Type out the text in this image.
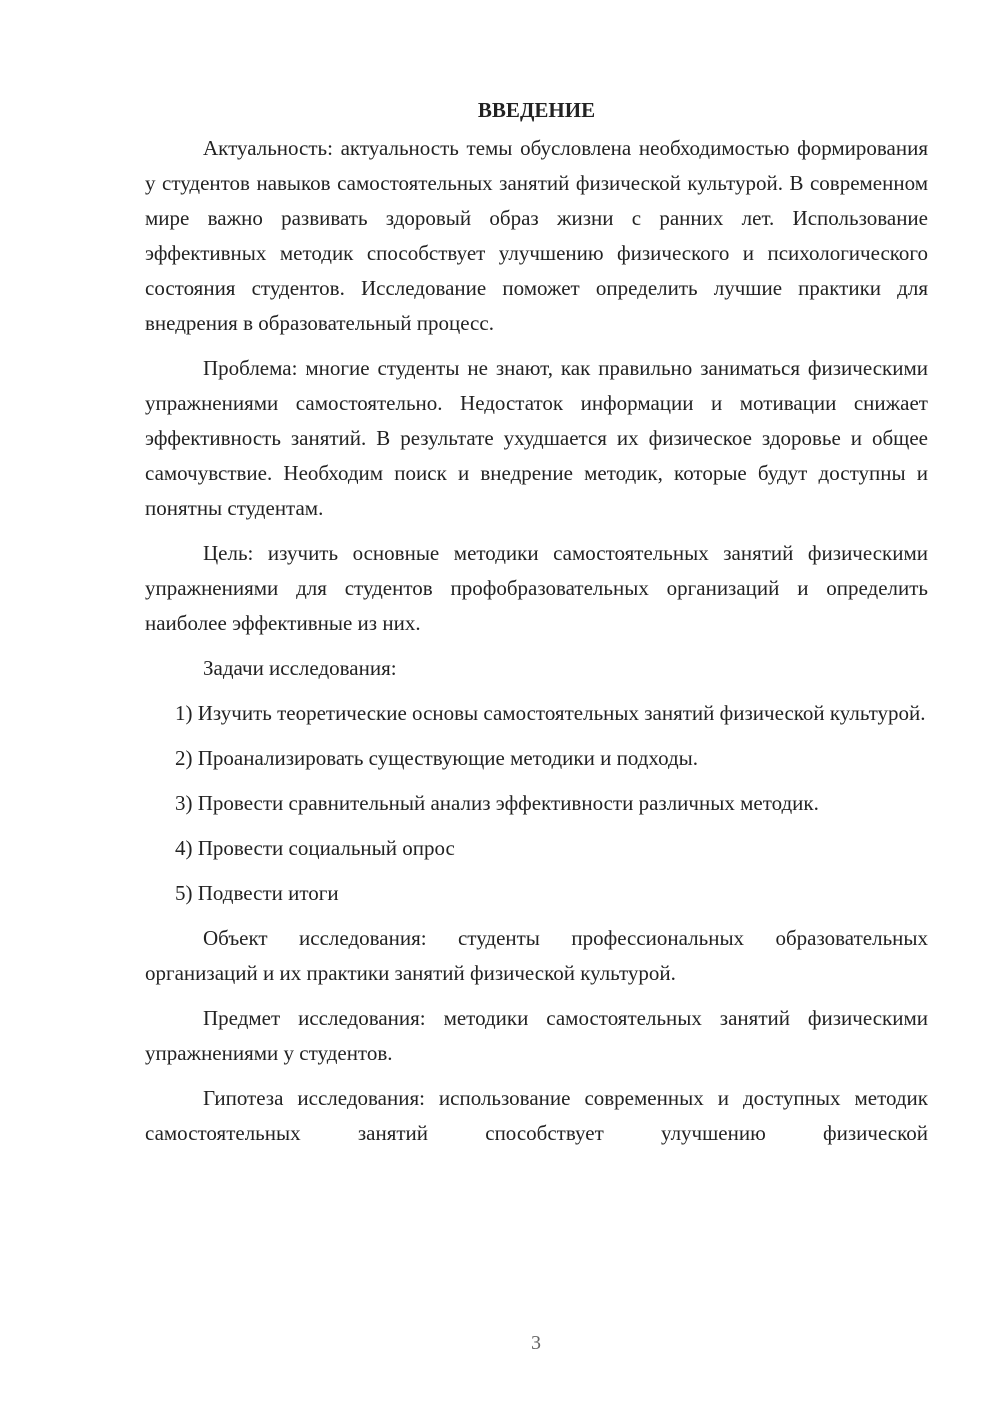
ВВЕДЕНИЕ

Актуальность: актуальность темы обусловлена необходимостью формирования у студентов навыков самостоятельных занятий физической культурой. В современном мире важно развивать здоровый образ жизни с ранних лет. Использование эффективных методик способствует улучшению физического и психологического состояния студентов. Исследование поможет определить лучшие практики для внедрения в образовательный процесс.

Проблема: многие студенты не знают, как правильно заниматься физическими упражнениями самостоятельно. Недостаток информации и мотивации снижает эффективность занятий. В результате ухудшается их физическое здоровье и общее самочувствие. Необходим поиск и внедрение методик, которые будут доступны и понятны студентам.

Цель: изучить основные методики самостоятельных занятий физическими упражнениями для студентов профобразовательных организаций и определить наиболее эффективные из них.

Задачи исследования:

1) Изучить теоретические основы самостоятельных занятий физической культурой.

2) Проанализировать существующие методики и подходы.

3) Провести сравнительный анализ эффективности различных методик.

4) Провести социальный опрос

5) Подвести итоги

Объект исследования: студенты профессиональных образовательных организаций и их практики занятий физической культурой.

Предмет исследования: методики самостоятельных занятий физическими упражнениями у студентов.

Гипотеза исследования: использование современных и доступных методик самостоятельных занятий способствует улучшению физической

3
